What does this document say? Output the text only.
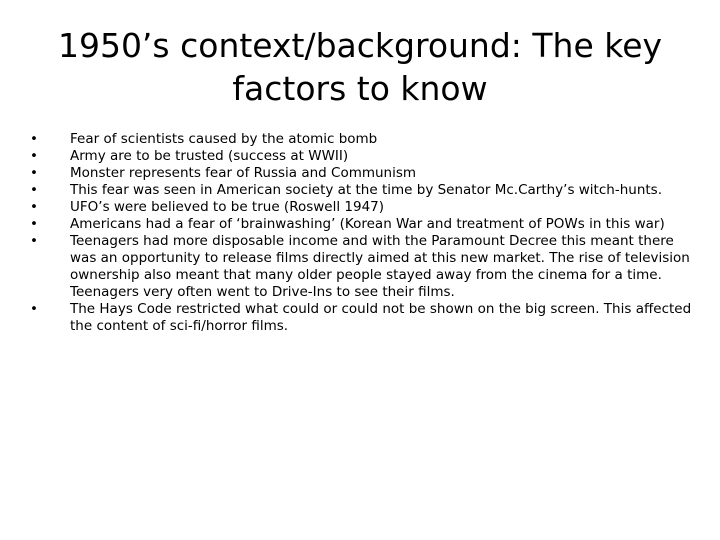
1950’s context/background: The key factors to know
• Fear of scientists caused by the atomic bomb
• Army are to be trusted (success at WWII)
• Monster represents fear of Russia and Communism
• This fear was seen in American society at the time by Senator Mc.Carthy’s witch-hunts.
• UFO’s were believed to be true (Roswell 1947)
• Americans had a fear of ‘brainwashing’ (Korean War and treatment of POWs in this war)
• Teenagers had more disposable income and with the Paramount Decree this meant there was an opportunity to release films directly aimed at this new market. The rise of television ownership also meant that many older people stayed away from the cinema for a time. Teenagers very often went to Drive-Ins to see their films.
• The Hays Code restricted what could or could not be shown on the big screen. This affected the content of sci-fi/horror films.
